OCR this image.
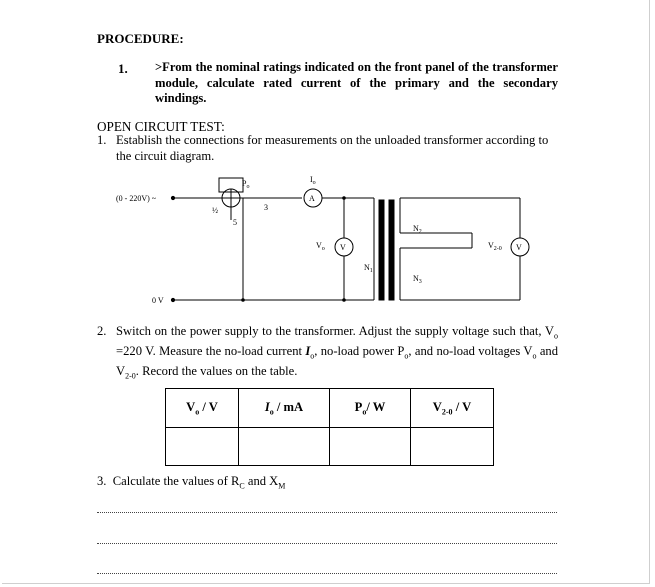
PROCEDURE:
1. >From the nominal ratings indicated on the front panel of the transformer module, calculate rated current of the primary and the secondary windings.
OPEN CIRCUIT TEST:
1. Establish the connections for measurements on the unloaded transformer according to the circuit diagram.
(0 - 220V) ~
$P_o$
½	3
5
A
$I_o$
V
$V_o$
$N_1$
$N_2$
$N_3$
V
$V_{2-0}$
0 V
2. Switch on the power supply to the transformer. Adjust the supply voltage such that, $V_o =220$ V. Measure the no-load current $I_o$, no-load power $P_o$, and no-load voltages $V_o$ and $V_{2-0}$. Record the values on the table.
$V_o$ / V	$I_o$ / mA	$P_o/$ W	$V_{2-0}$ / V

3. Calculate the values of $R_C$ and $X_M$
